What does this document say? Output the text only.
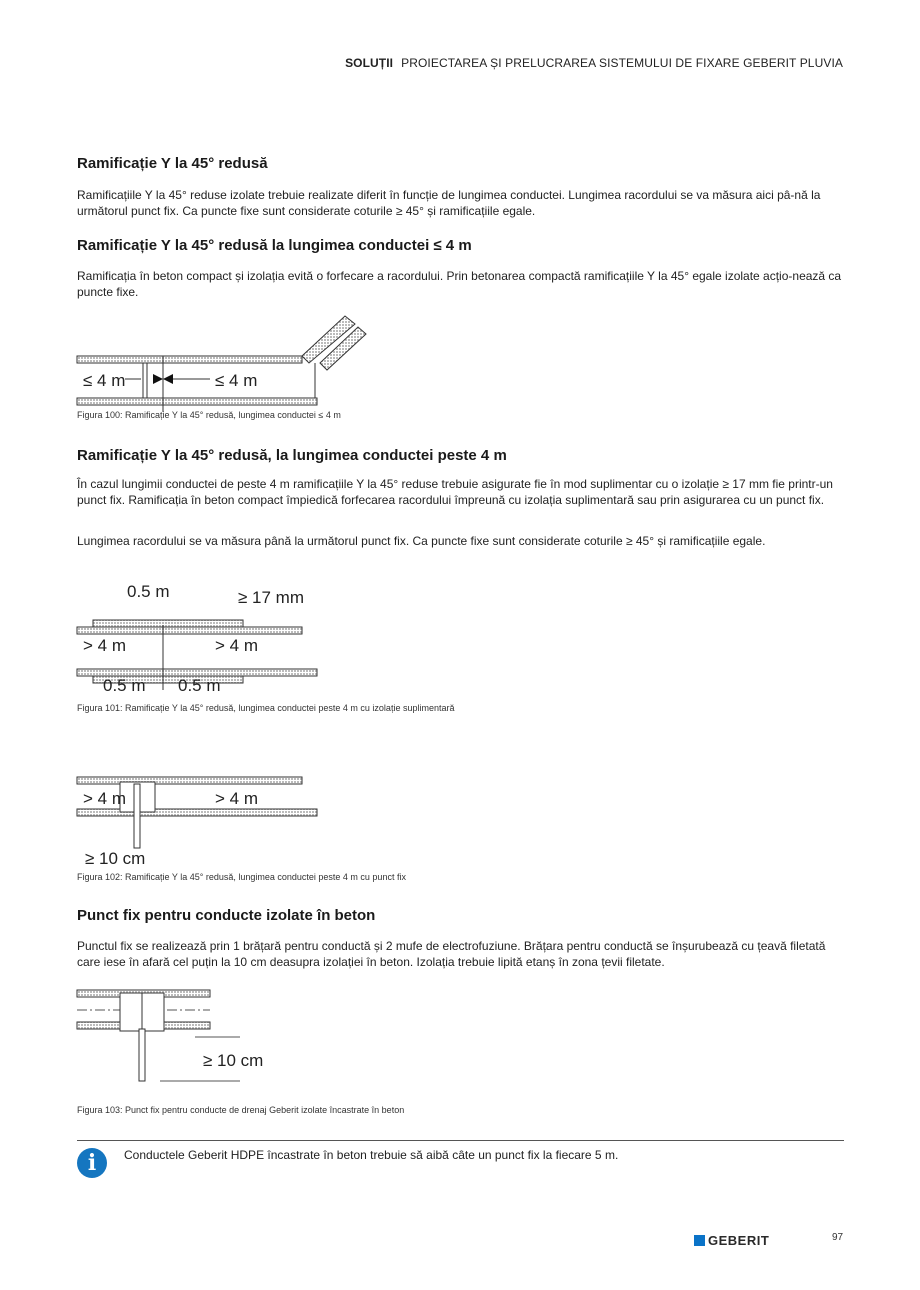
SOLUȚII PROIECTAREA ȘI PRELUCRAREA SISTEMULUI DE FIXARE GEBERIT PLUVIA
Ramificație Y la 45° redusă

Ramificațiile Y la 45° reduse izolate trebuie realizate diferit în funcție de lungimea conductei. Lungimea racordului se va măsura aici pâ-nă la următorul punct fix. Ca puncte fixe sunt considerate coturile ≥ 45° și ramificațiile egale.

Ramificație Y la 45° redusă la lungimea conductei ≤ 4 m

Ramificația în beton compact și izolația evită o forfecare a racordului. Prin betonarea compactă ramificațiile Y la 45° egale izolate acțio-nează ca puncte fixe.

≤ 4 m	≤ 4 m
Figura 100: Ramificație Y la 45° redusă, lungimea conductei ≤ 4 m
Ramificație Y la 45° redusă, la lungimea conductei peste 4 m

În cazul lungimii conductei de peste 4 m ramificațiile Y la 45° reduse trebuie asigurate fie în mod suplimentar cu o izolație ≥ 17 mm fie printr-un punct fix. Ramificația în beton compact împiedică forfecarea racordului împreună cu izolația suplimentară sau prin asigurarea cu un punct fix.

Lungimea racordului se va măsura până la următorul punct fix. Ca puncte fixe sunt considerate coturile ≥ 45° și ramificațiile egale.

0.5 m	≥ 17 mm
> 4 m	> 4 m
0.5 m 0.5 m
Figura 101: Ramificație Y la 45° redusă, lungimea conductei peste 4 m cu izolație suplimentară
> 4 m	> 4 m
≥ 10 cm
Figura 102: Ramificație Y la 45° redusă, lungimea conductei peste 4 m cu punct fix
Punct fix pentru conducte izolate în beton

Punctul fix se realizează prin 1 brățară pentru conductă și 2 mufe de electrofuziune. Brățara pentru conductă se înșurubează cu țeavă filetată care iese în afară cel puțin la 10 cm deasupra izolației în beton. Izolația trebuie lipită etanș în zona țevii filetate.

≥ 10 cm
Figura 103: Punct fix pentru conducte de drenaj Geberit izolate încastrate în beton
i	Conductele Geberit HDPE încastrate în beton trebuie să aibă câte un punct fix la fiecare 5 m.
GEBERIT	97
